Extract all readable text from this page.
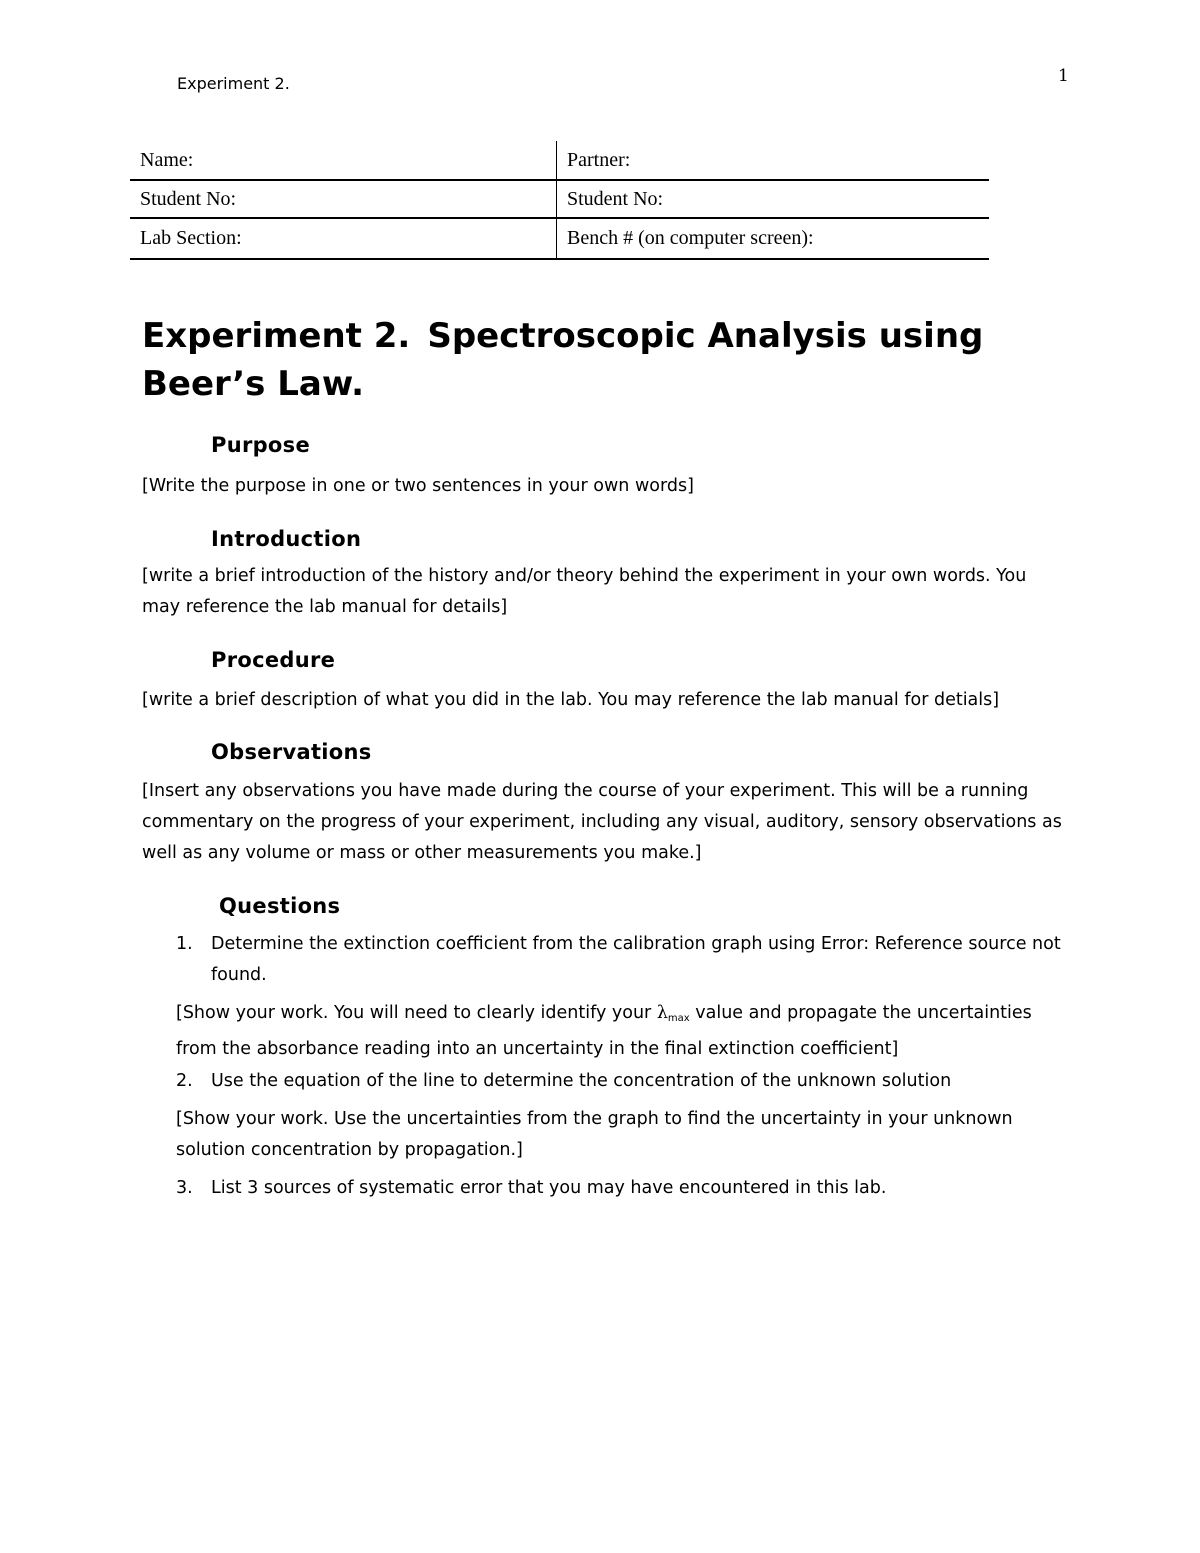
Experiment 2.	1
Name:	Partner:
Student No:	Student No:
Lab Section:	Bench # (on computer screen):
Experiment 2. Spectroscopic Analysis using
Beer’s Law.
Purpose

[Write the purpose in one or two sentences in your own words]

Introduction

[write a brief introduction of the history and/or theory behind the experiment in your own words. You
may reference the lab manual for details]

Procedure

[write a brief description of what you did in the lab. You may reference the lab manual for detials]

Observations

[Insert any observations you have made during the course of your experiment. This will be a running
commentary on the progress of your experiment, including any visual, auditory, sensory observations as
well as any volume or mass or other measurements you make.]

Questions
1. Determine the extinction coefficient from the calibration graph using Error: Reference source not
found.

[Show your work. You will need to clearly identify your $\lambda_{max}$ value and propagate the uncertainties
from the absorbance reading into an uncertainty in the final extinction coefficient]

2. Use the equation of the line to determine the concentration of the unknown solution

[Show your work. Use the uncertainties from the graph to find the uncertainty in your unknown
solution concentration by propagation.]

3. List 3 sources of systematic error that you may have encountered in this lab.
